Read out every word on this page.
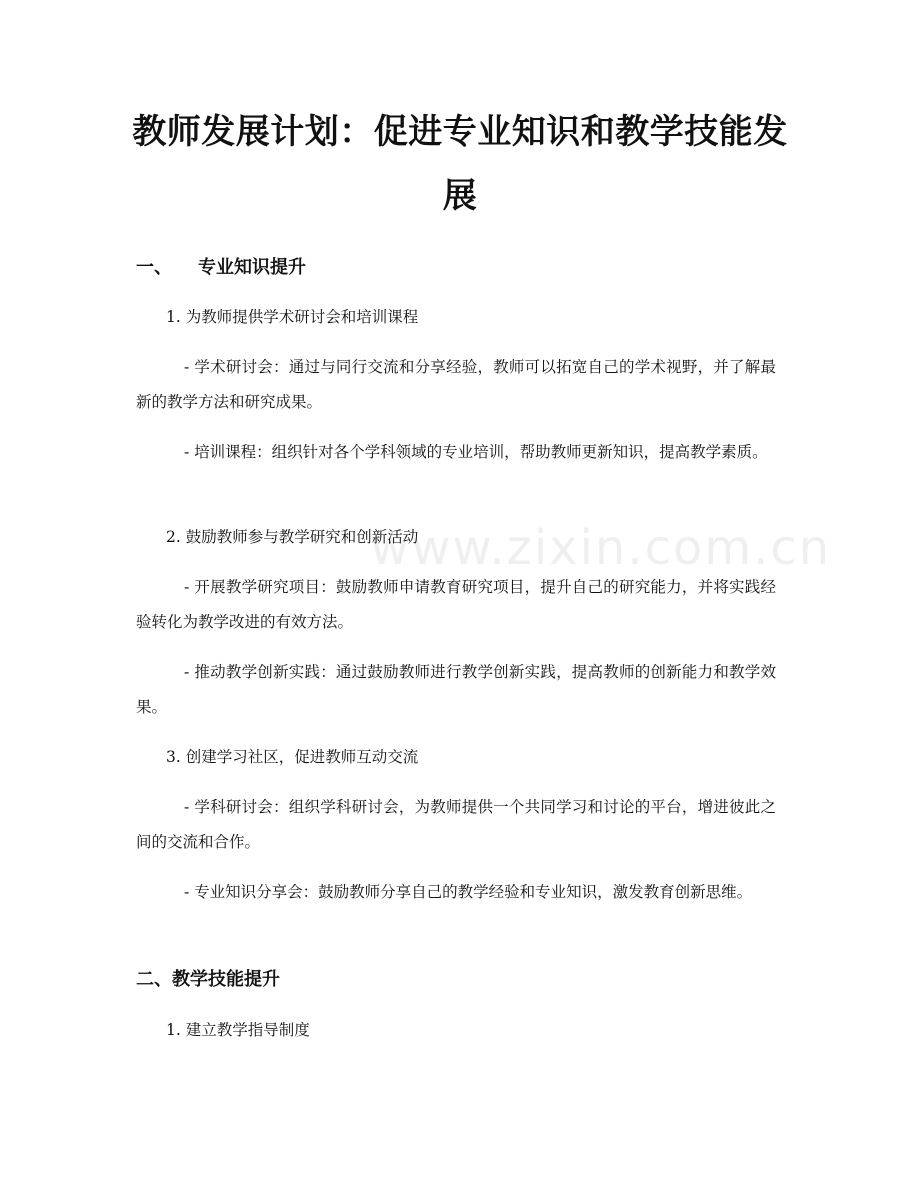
www.zixin.com.cn
教师发展计划：促进专业知识和教学技能发展
一、 专业知识提升

1. 为教师提供学术研讨会和培训课程

- 学术研讨会：通过与同行交流和分享经验，教师可以拓宽自己的学术视野，并了解最新的教学方法和研究成果。

- 培训课程：组织针对各个学科领域的专业培训，帮助教师更新知识，提高教学素质。

2. 鼓励教师参与教学研究和创新活动

- 开展教学研究项目：鼓励教师申请教育研究项目，提升自己的研究能力，并将实践经验转化为教学改进的有效方法。

- 推动教学创新实践：通过鼓励教师进行教学创新实践，提高教师的创新能力和教学效果。

3. 创建学习社区，促进教师互动交流

- 学科研讨会：组织学科研讨会，为教师提供一个共同学习和讨论的平台，增进彼此之间的交流和合作。

- 专业知识分享会：鼓励教师分享自己的教学经验和专业知识，激发教育创新思维。

二、教学技能提升

1. 建立教学指导制度
